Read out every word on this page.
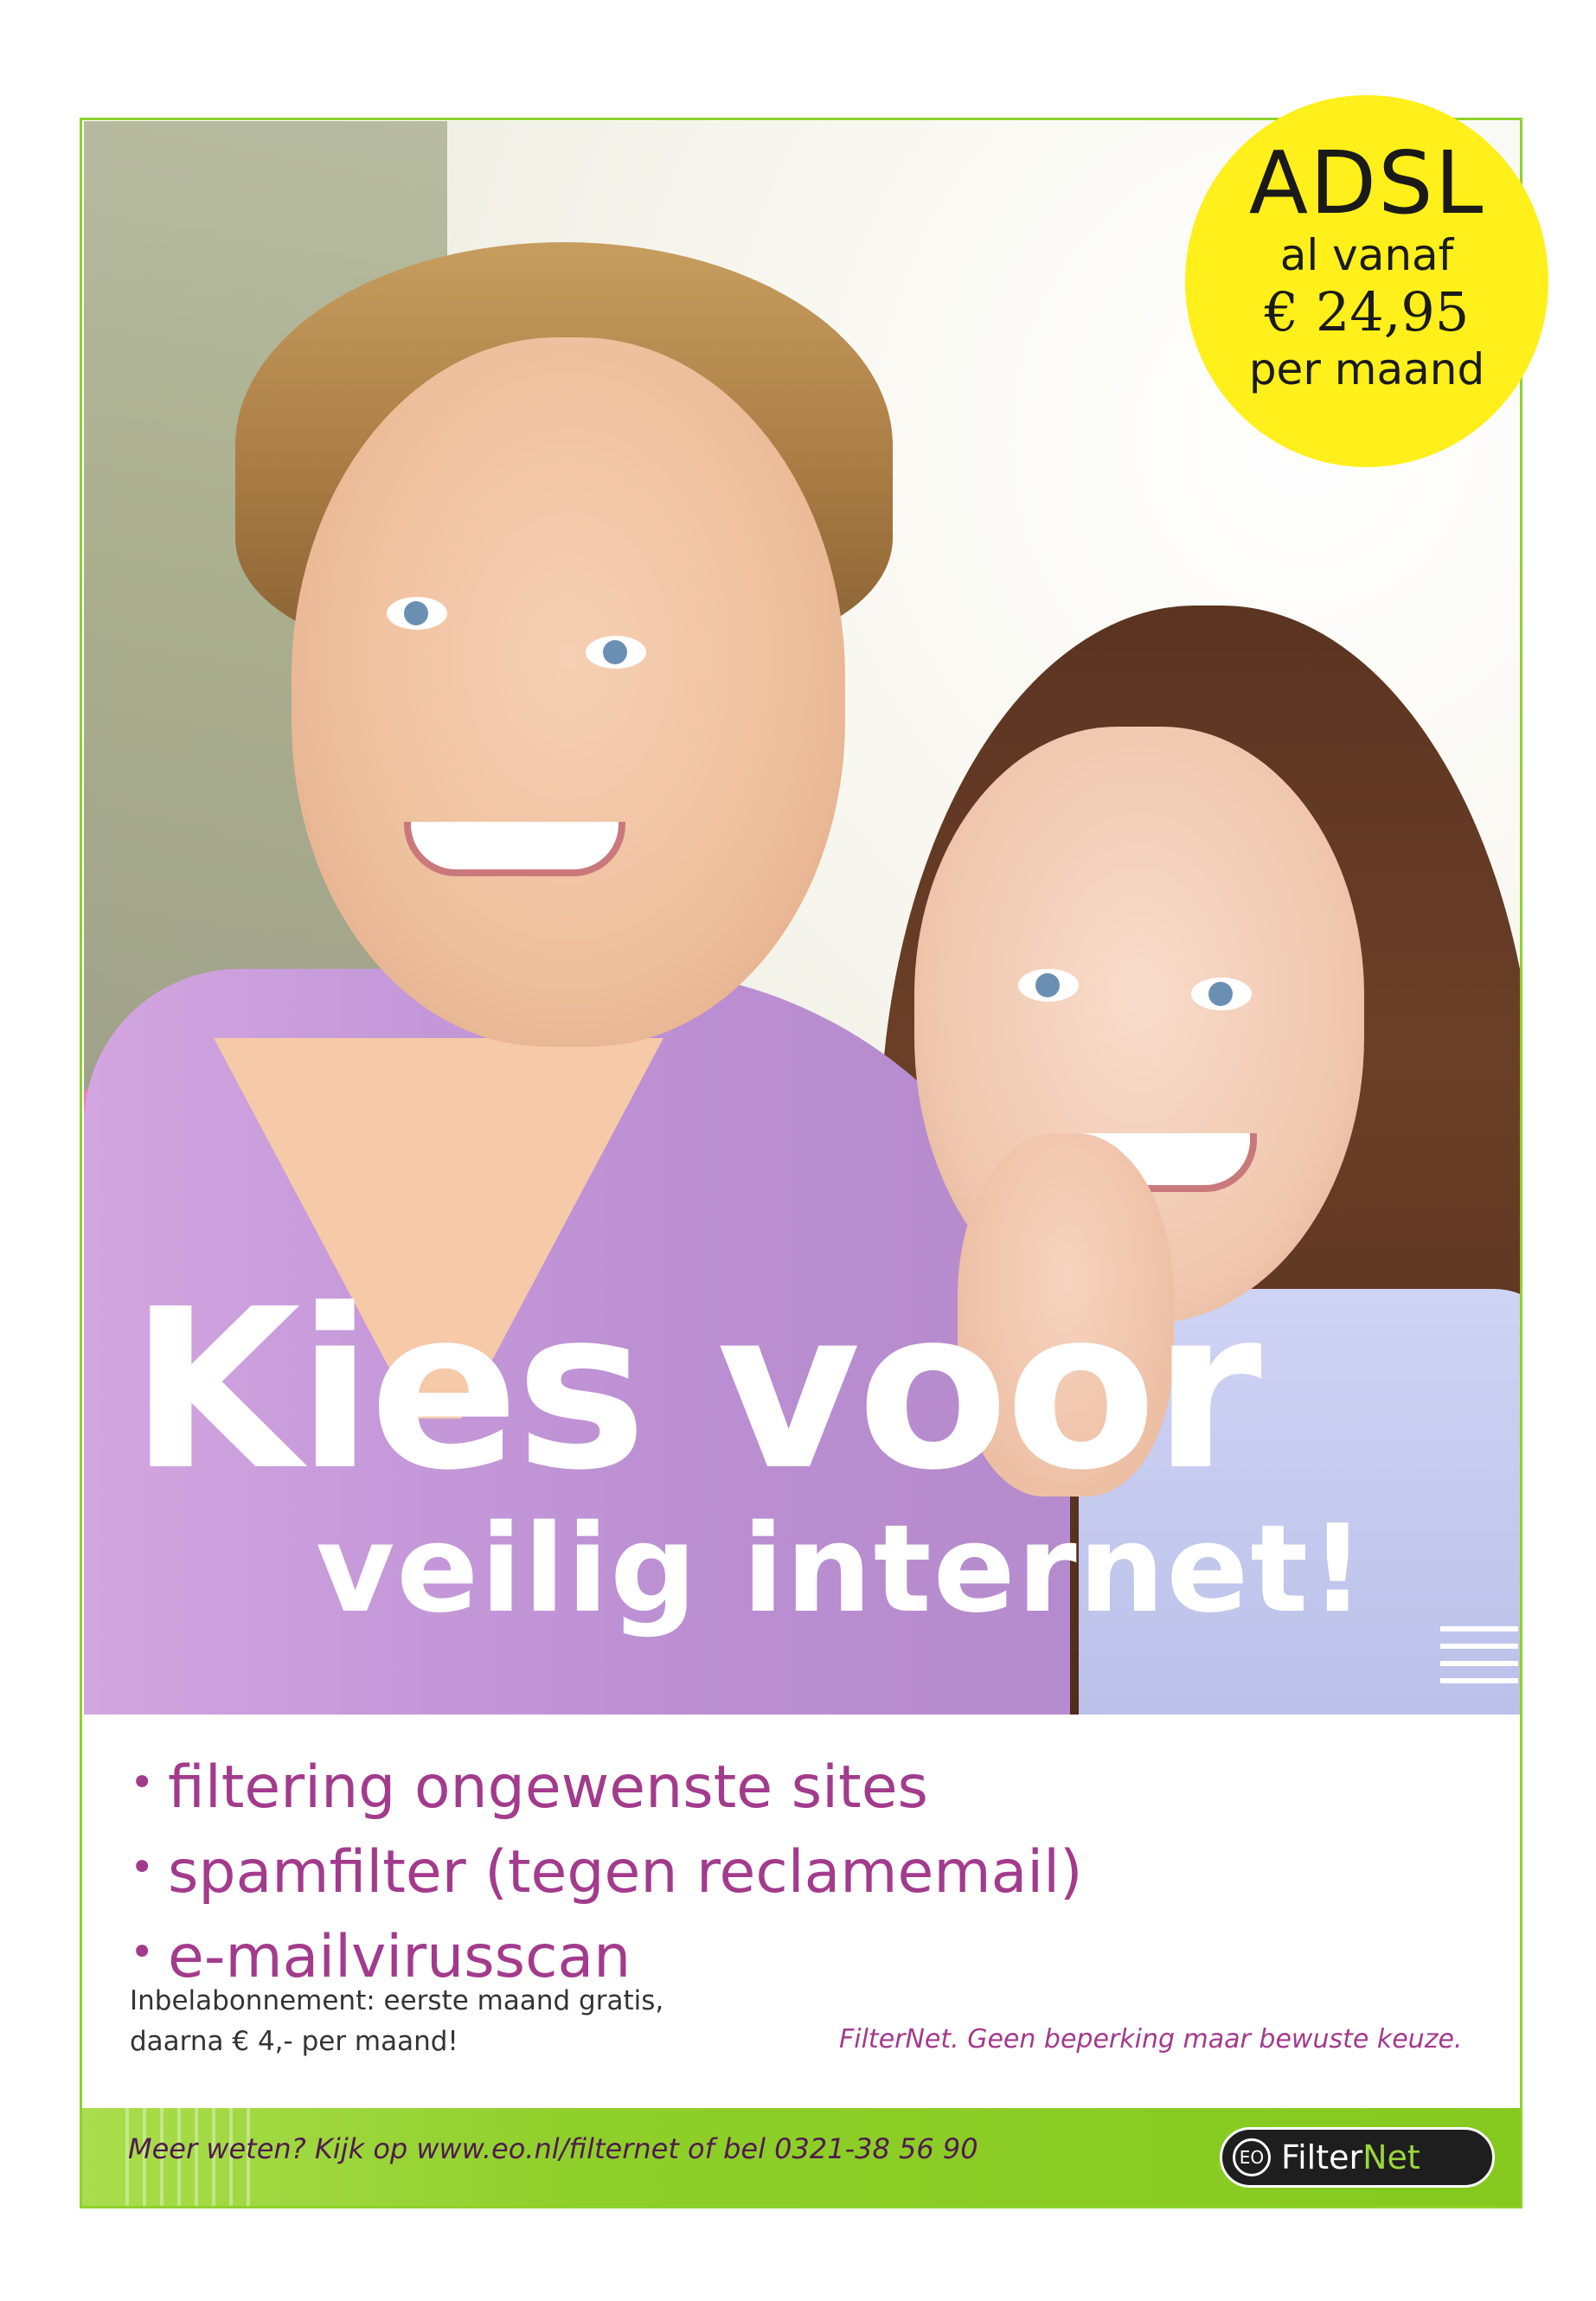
Kies voor
veilig internet!
ADSL
al vanaf
€ 24,95
per maand
• filtering ongewenste sites
• spamfilter (tegen reclamemail)
• e-mailvirusscan

Inbelabonnement: eerste maand gratis,
daarna € 4,- per maand!	FilterNet. Geen beperking maar bewuste keuze.

Meer weten? Kijk op www.eo.nl/filternet of bel 0321-38 56 90	EO FilterNet
